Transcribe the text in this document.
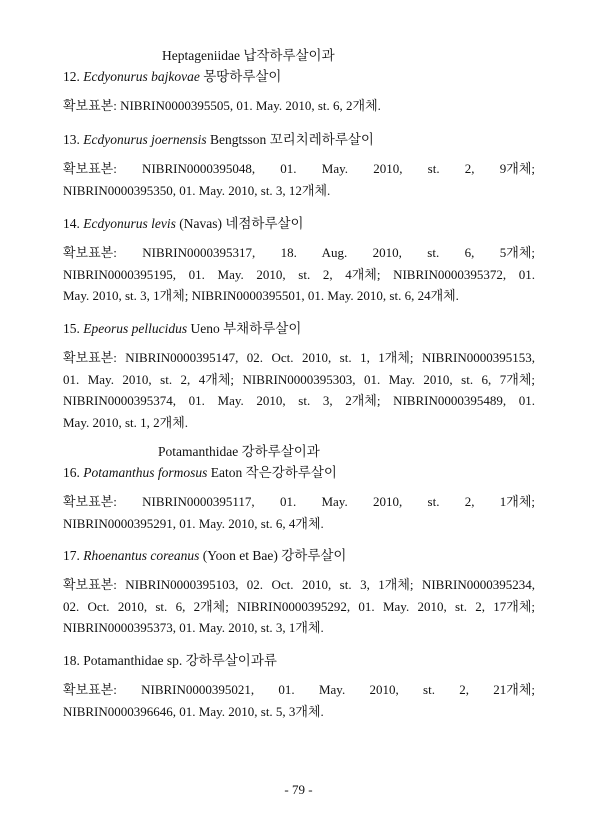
Heptageniidae 납작하루살이과
12. Ecdyonurus bajkovae 몽땅하루살이
확보표본: NIBRIN0000395505, 01. May. 2010, st. 6, 2개체.
13. Ecdyonurus joernensis Bengtsson 꼬리치레하루살이
확보표본: NIBRIN0000395048, 01. May. 2010, st. 2, 9개체;
NIBRIN0000395350, 01. May. 2010, st. 3, 12개체.
14. Ecdyonurus levis (Navas) 네점하루살이
확보표본: NIBRIN0000395317, 18. Aug. 2010, st. 6, 5개체;
NIBRIN0000395195, 01. May. 2010, st. 2, 4개체; NIBRIN0000395372, 01.
May. 2010, st. 3, 1개체; NIBRIN0000395501, 01. May. 2010, st. 6, 24개체.
15. Epeorus pellucidus Ueno 부채하루살이
확보표본: NIBRIN0000395147, 02. Oct. 2010, st. 1, 1개체; NIBRIN0000395153,
01. May. 2010, st. 2, 4개체; NIBRIN0000395303, 01. May. 2010, st. 6, 7개체;
NIBRIN0000395374, 01. May. 2010, st. 3, 2개체; NIBRIN0000395489, 01.
May. 2010, st. 1, 2개체.
Potamanthidae 강하루살이과
16. Potamanthus formosus Eaton 작은강하루살이
확보표본: NIBRIN0000395117, 01. May. 2010, st. 2, 1개체;
NIBRIN0000395291, 01. May. 2010, st. 6, 4개체.
17. Rhoenantus coreanus (Yoon et Bae) 강하루살이
확보표본: NIBRIN0000395103, 02. Oct. 2010, st. 3, 1개체; NIBRIN0000395234,
02. Oct. 2010, st. 6, 2개체; NIBRIN0000395292, 01. May. 2010, st. 2, 17개체;
NIBRIN0000395373, 01. May. 2010, st. 3, 1개체.
18. Potamanthidae sp. 강하루살이과류
확보표본: NIBRIN0000395021, 01. May. 2010, st. 2, 21개체;
NIBRIN0000396646, 01. May. 2010, st. 5, 3개체.
- 79 -
